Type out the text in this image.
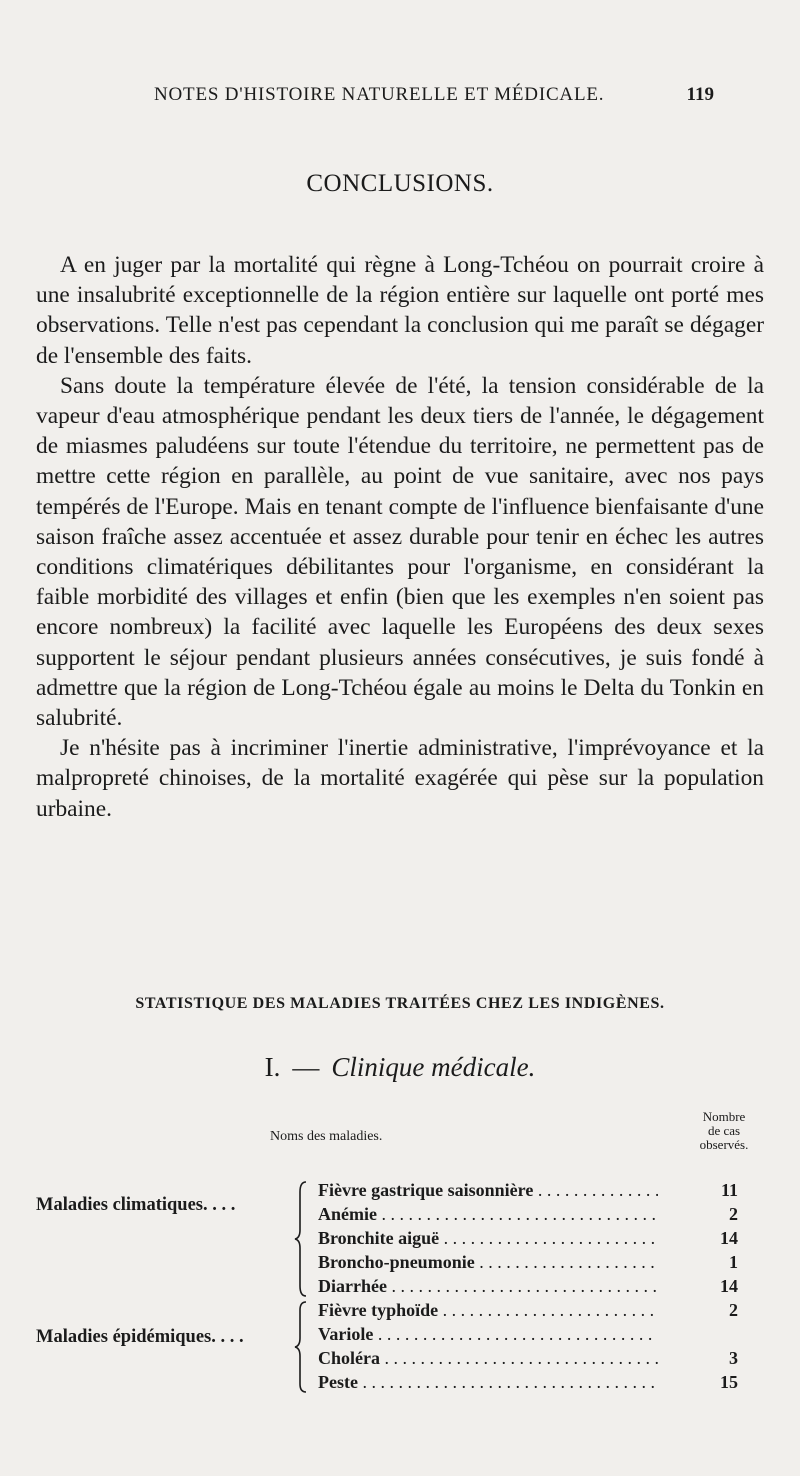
NOTES D'HISTOIRE NATURELLE ET MÉDICALE.	119
CONCLUSIONS.

A en juger par la mortalité qui règne à Long-Tchéou on pourrait croire à une insalubrité exceptionnelle de la région entière sur laquelle ont porté mes observations. Telle n'est pas cependant la conclusion qui me paraît se dégager de l'ensemble des faits.

Sans doute la température élevée de l'été, la tension considérable de la vapeur d'eau atmosphérique pendant les deux tiers de l'année, le dégagement de miasmes paludéens sur toute l'étendue du territoire, ne permettent pas de mettre cette région en parallèle, au point de vue sanitaire, avec nos pays tempérés de l'Europe. Mais en tenant compte de l'influence bienfaisante d'une saison fraîche assez accentuée et assez durable pour tenir en échec les autres conditions climatériques débilitantes pour l'organisme, en considérant la faible morbidité des villages et enfin (bien que les exemples n'en soient pas encore nombreux) la facilité avec laquelle les Européens des deux sexes supportent le séjour pendant plusieurs années consécutives, je suis fondé à admettre que la région de Long-Tchéou égale au moins le Delta du Tonkin en salubrité.

Je n'hésite pas à incriminer l'inertie administrative, l'imprévoyance et la malpropreté chinoises, de la mortalité exagérée qui pèse sur la population urbaine.

STATISTIQUE DES MALADIES TRAITÉES CHEZ LES INDIGÈNES.
I. — Clinique médicale.
Noms des maladies.
Nombre
de cas
observés.
Maladies climatiques. . . .
Fièvre gastrique saisonnière . . .	11
Anémie . . .	2
Bronchite aiguë . . .	14
Broncho-pneumonie . . .	1
Diarrhée . . .	14
Maladies épidémiques. . . .
Fièvre typhoïde . . .	2
Variole . . .
Choléra . . .	3
Peste . . .	15
